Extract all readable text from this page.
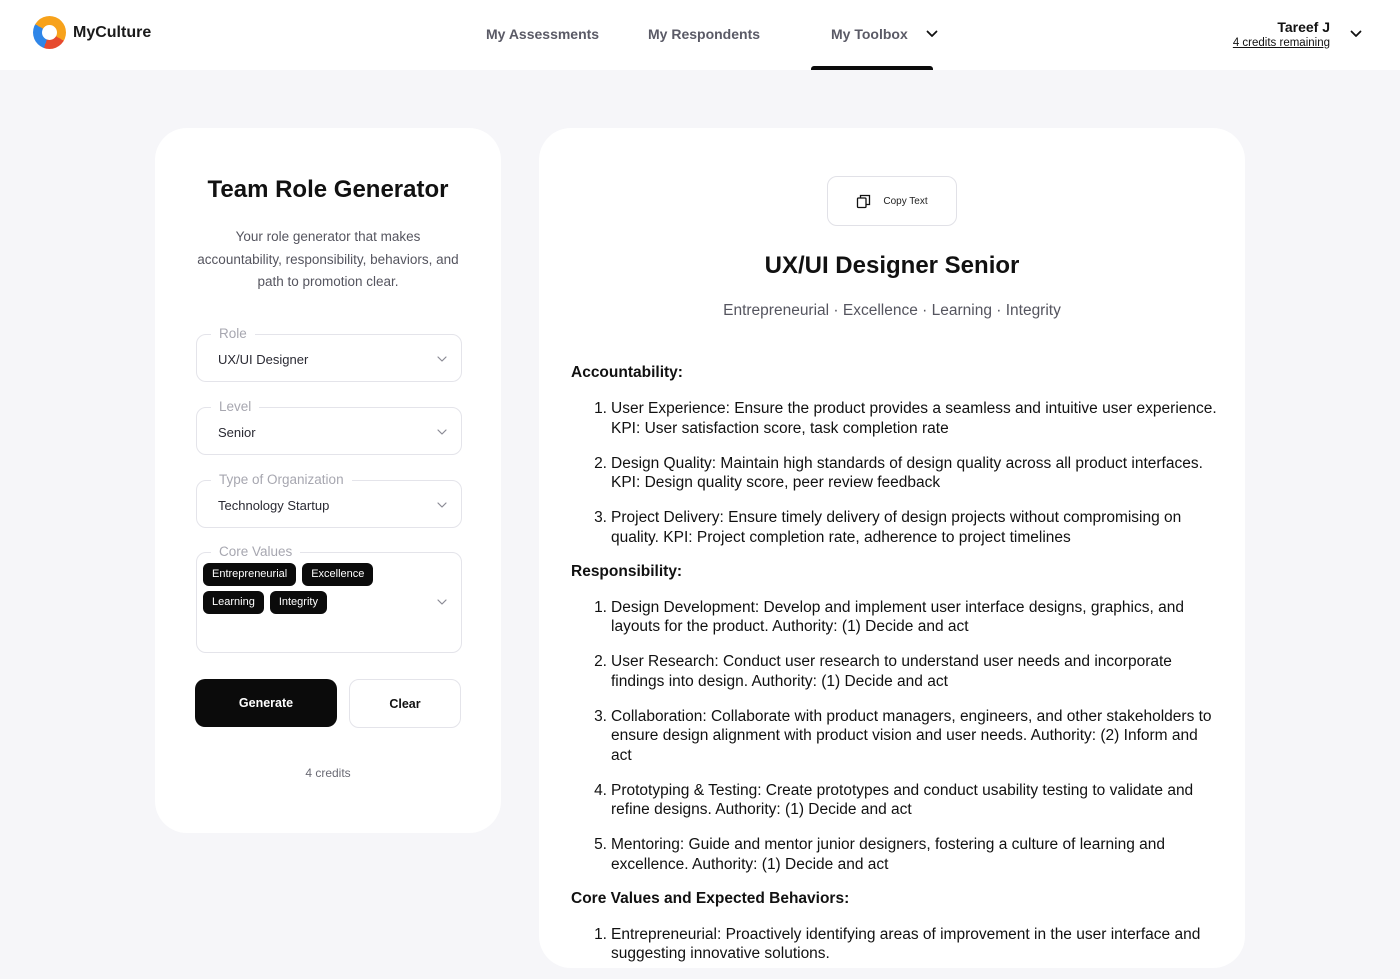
MyCulture	My Assessments	My Respondents	My Toolbox	Tareef J
4 credits remaining
Team Role Generator
Your role generator that makes accountability, responsibility, behaviors, and path to promotion clear.
Role
UX/UI Designer
Level
Senior
Type of Organization
Technology Startup
Core Values
Entrepreneurial	Excellence
Learning	Integrity
Generate	Clear
4 credits
Copy Text
UX/UI Designer Senior
Entrepreneurial · Excellence · Learning · Integrity
Accountability:
1. User Experience: Ensure the product provides a seamless and intuitive user experience. KPI: User satisfaction score, task completion rate
2. Design Quality: Maintain high standards of design quality across all product interfaces. KPI: Design quality score, peer review feedback
3. Project Delivery: Ensure timely delivery of design projects without compromising on quality. KPI: Project completion rate, adherence to project timelines
Responsibility:
1. Design Development: Develop and implement user interface designs, graphics, and layouts for the product. Authority: (1) Decide and act
2. User Research: Conduct user research to understand user needs and incorporate findings into design. Authority: (1) Decide and act
3. Collaboration: Collaborate with product managers, engineers, and other stakeholders to ensure design alignment with product vision and user needs. Authority: (2) Inform and act
4. Prototyping & Testing: Create prototypes and conduct usability testing to validate and refine designs. Authority: (1) Decide and act
5. Mentoring: Guide and mentor junior designers, fostering a culture of learning and excellence. Authority: (1) Decide and act
Core Values and Expected Behaviors:
1. Entrepreneurial: Proactively identifying areas of improvement in the user interface and suggesting innovative solutions.
